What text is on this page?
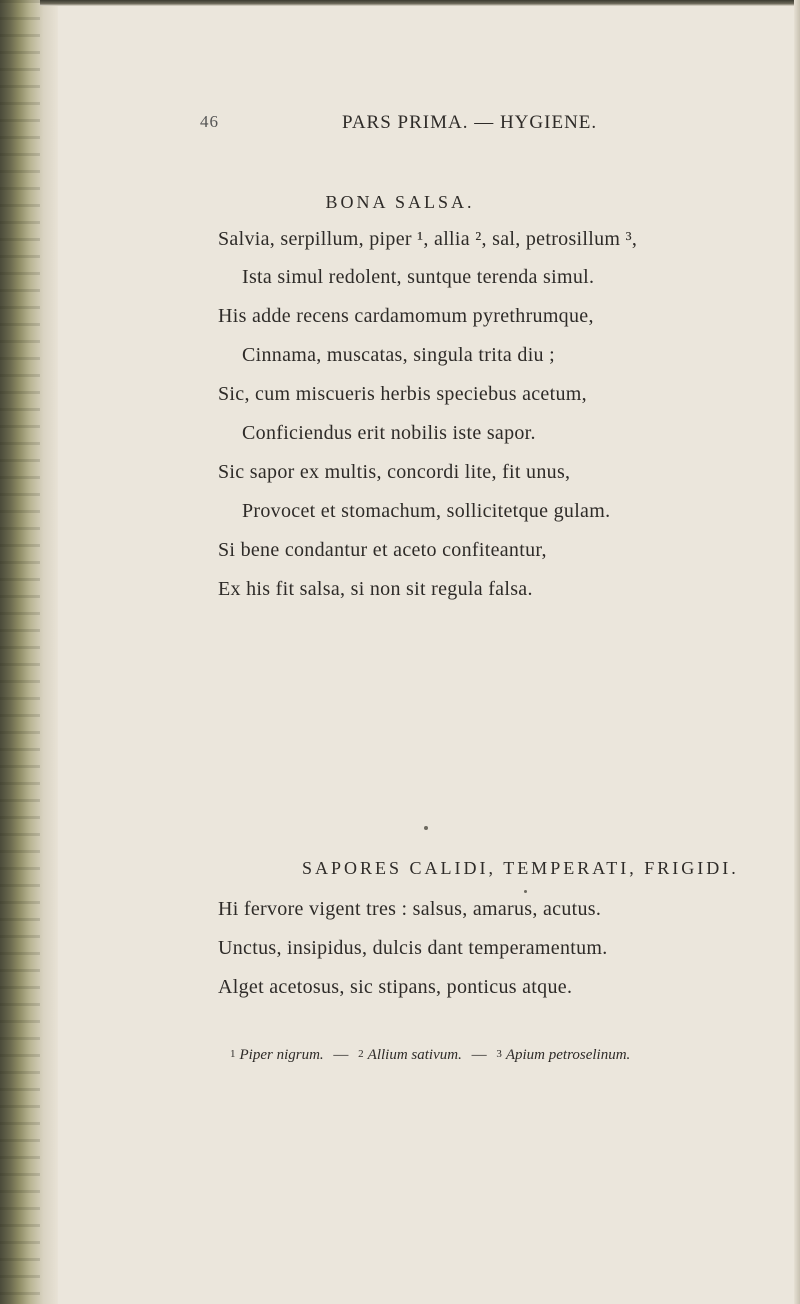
46	PARS PRIMA. — HYGIENE.
BONA SALSA.
Salvia, serpillum, piper ¹, allia ², sal, petrosillum ³,
Ista simul redolent, suntque terenda simul.
His adde recens cardamomum pyrethrumque,
Cinnama, muscatas, singula trita diu ;
Sic, cum miscueris herbis speciebus acetum,
Conficiendus erit nobilis iste sapor.
Sic sapor ex multis, concordi lite, fit unus,
Provocet et stomachum, sollicitetque gulam.
Si bene condantur et aceto confiteantur,
Ex his fit salsa, si non sit regula falsa.
SAPORES CALIDI, TEMPERATI, FRIGIDI.
Hi fervore vigent tres : salsus, amarus, acutus.
Unctus, insipidus, dulcis dant temperamentum.
Alget acetosus, sic stipans, ponticus atque.
1 Piper nigrum. — 2 Allium sativum. — 3 Apium petroselinum.
